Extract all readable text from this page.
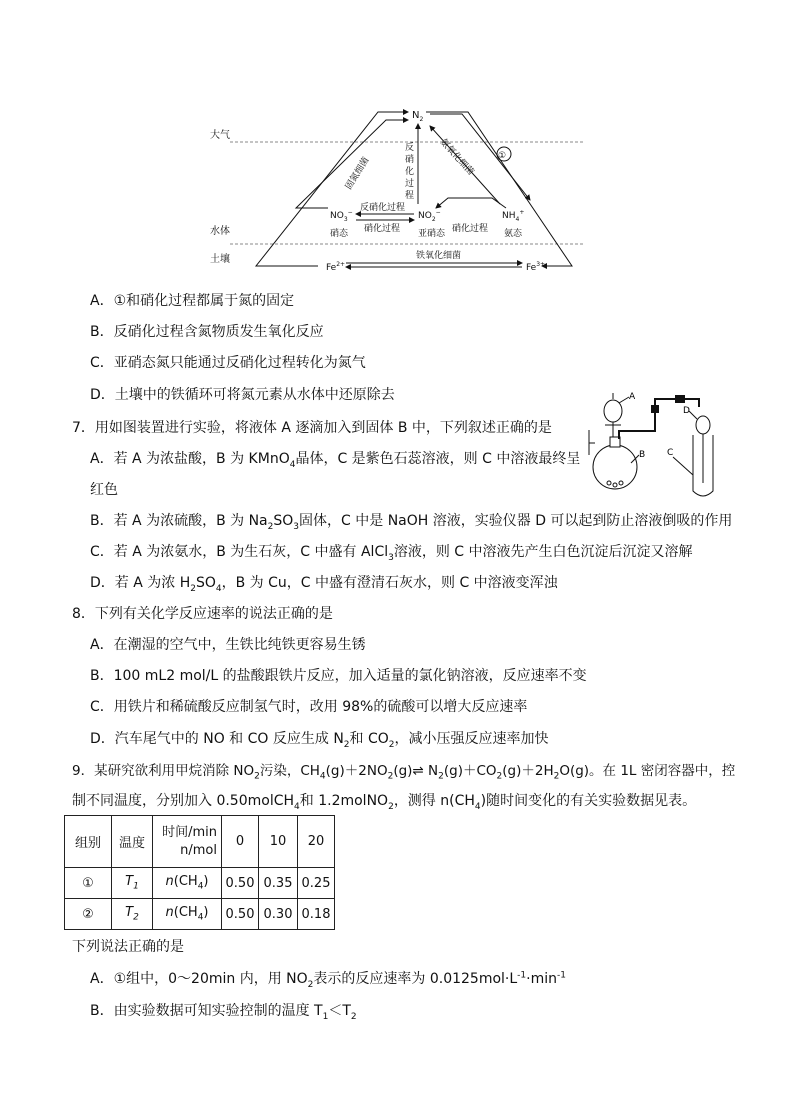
大气
水体
土壤
$N_2$
固氮细菌
反
硝
化
过
程
氨氧化细菌	①
$NO_3^-$	$NO_2^-$	$NH_4^+$
反硝化过程
硝化过程	硝化过程
硝态	亚硝态	氨态
$Fe^{2+}$	$Fe^{3+}$
铁氧化细菌
A．①和硝化过程都属于氮的固定
B．反硝化过程含氮物质发生氧化反应
C．亚硝态氮只能通过反硝化过程转化为氮气
D．土壤中的铁循环可将氮元素从水体中还原除去	A
B
D
C
7．用如图装置进行实验，将液体 A 逐滴加入到固体 B 中，下列叙述正确的是
A．若 A 为浓盐酸，B 为 KMnO$_4$晶体，C 是紫色石蕊溶液，则 C 中溶液最终呈
红色
B．若 A 为浓硫酸，B 为 $Na_2SO_3$固体，C 中是 NaOH 溶液，实验仪器 D 可以起到防止溶液倒吸的作用
C．若 A 为浓氨水，B 为生石灰，C 中盛有 AlCl$_3$溶液，则 C 中溶液先产生白色沉淀后沉淀又溶解
D．若 A 为浓 $H_2SO_4$，B 为 Cu，C 中盛有澄清石灰水，则 C 中溶液变浑浊
8．下列有关化学反应速率的说法正确的是
A．在潮湿的空气中，生铁比纯铁更容易生锈
B．100 mL2 mol/L 的盐酸跟铁片反应，加入适量的氯化钠溶液，反应速率不变
C．用铁片和稀硫酸反应制氢气时，改用 98%的硫酸可以增大反应速率
D．汽车尾气中的 NO 和 CO 反应生成 $N_2$和 $CO_2$，减小压强反应速率加快
9．某研究欲利用甲烷消除 $NO_2$污染，$CH_4(g)+2NO_2(g)\rightleftharpoons$ $N_2(g)+CO_2(g)+2H_2O(g)$。在 1L 密闭容器中，控
制不同温度，分别加入 0.50molCH$_4$和 1.2molNO$_2$，测得 $n(CH_4)$随时间变化的有关实验数据见表。
组别	温度	时间/min
n/mol	0	10	20
①	$T_1$	$n(CH_4)$	0.50	0.35	0.25
②	$T_2$	$n(CH_4)$	0.50	0.30	0.18
下列说法正确的是
A．①组中，0～20min 内，用 $NO_2$表示的反应速率为 $0.0125mol\cdot L^{-1}\cdot\min^{-1}$
B．由实验数据可知实验控制的温度 $T_1<T_2$
